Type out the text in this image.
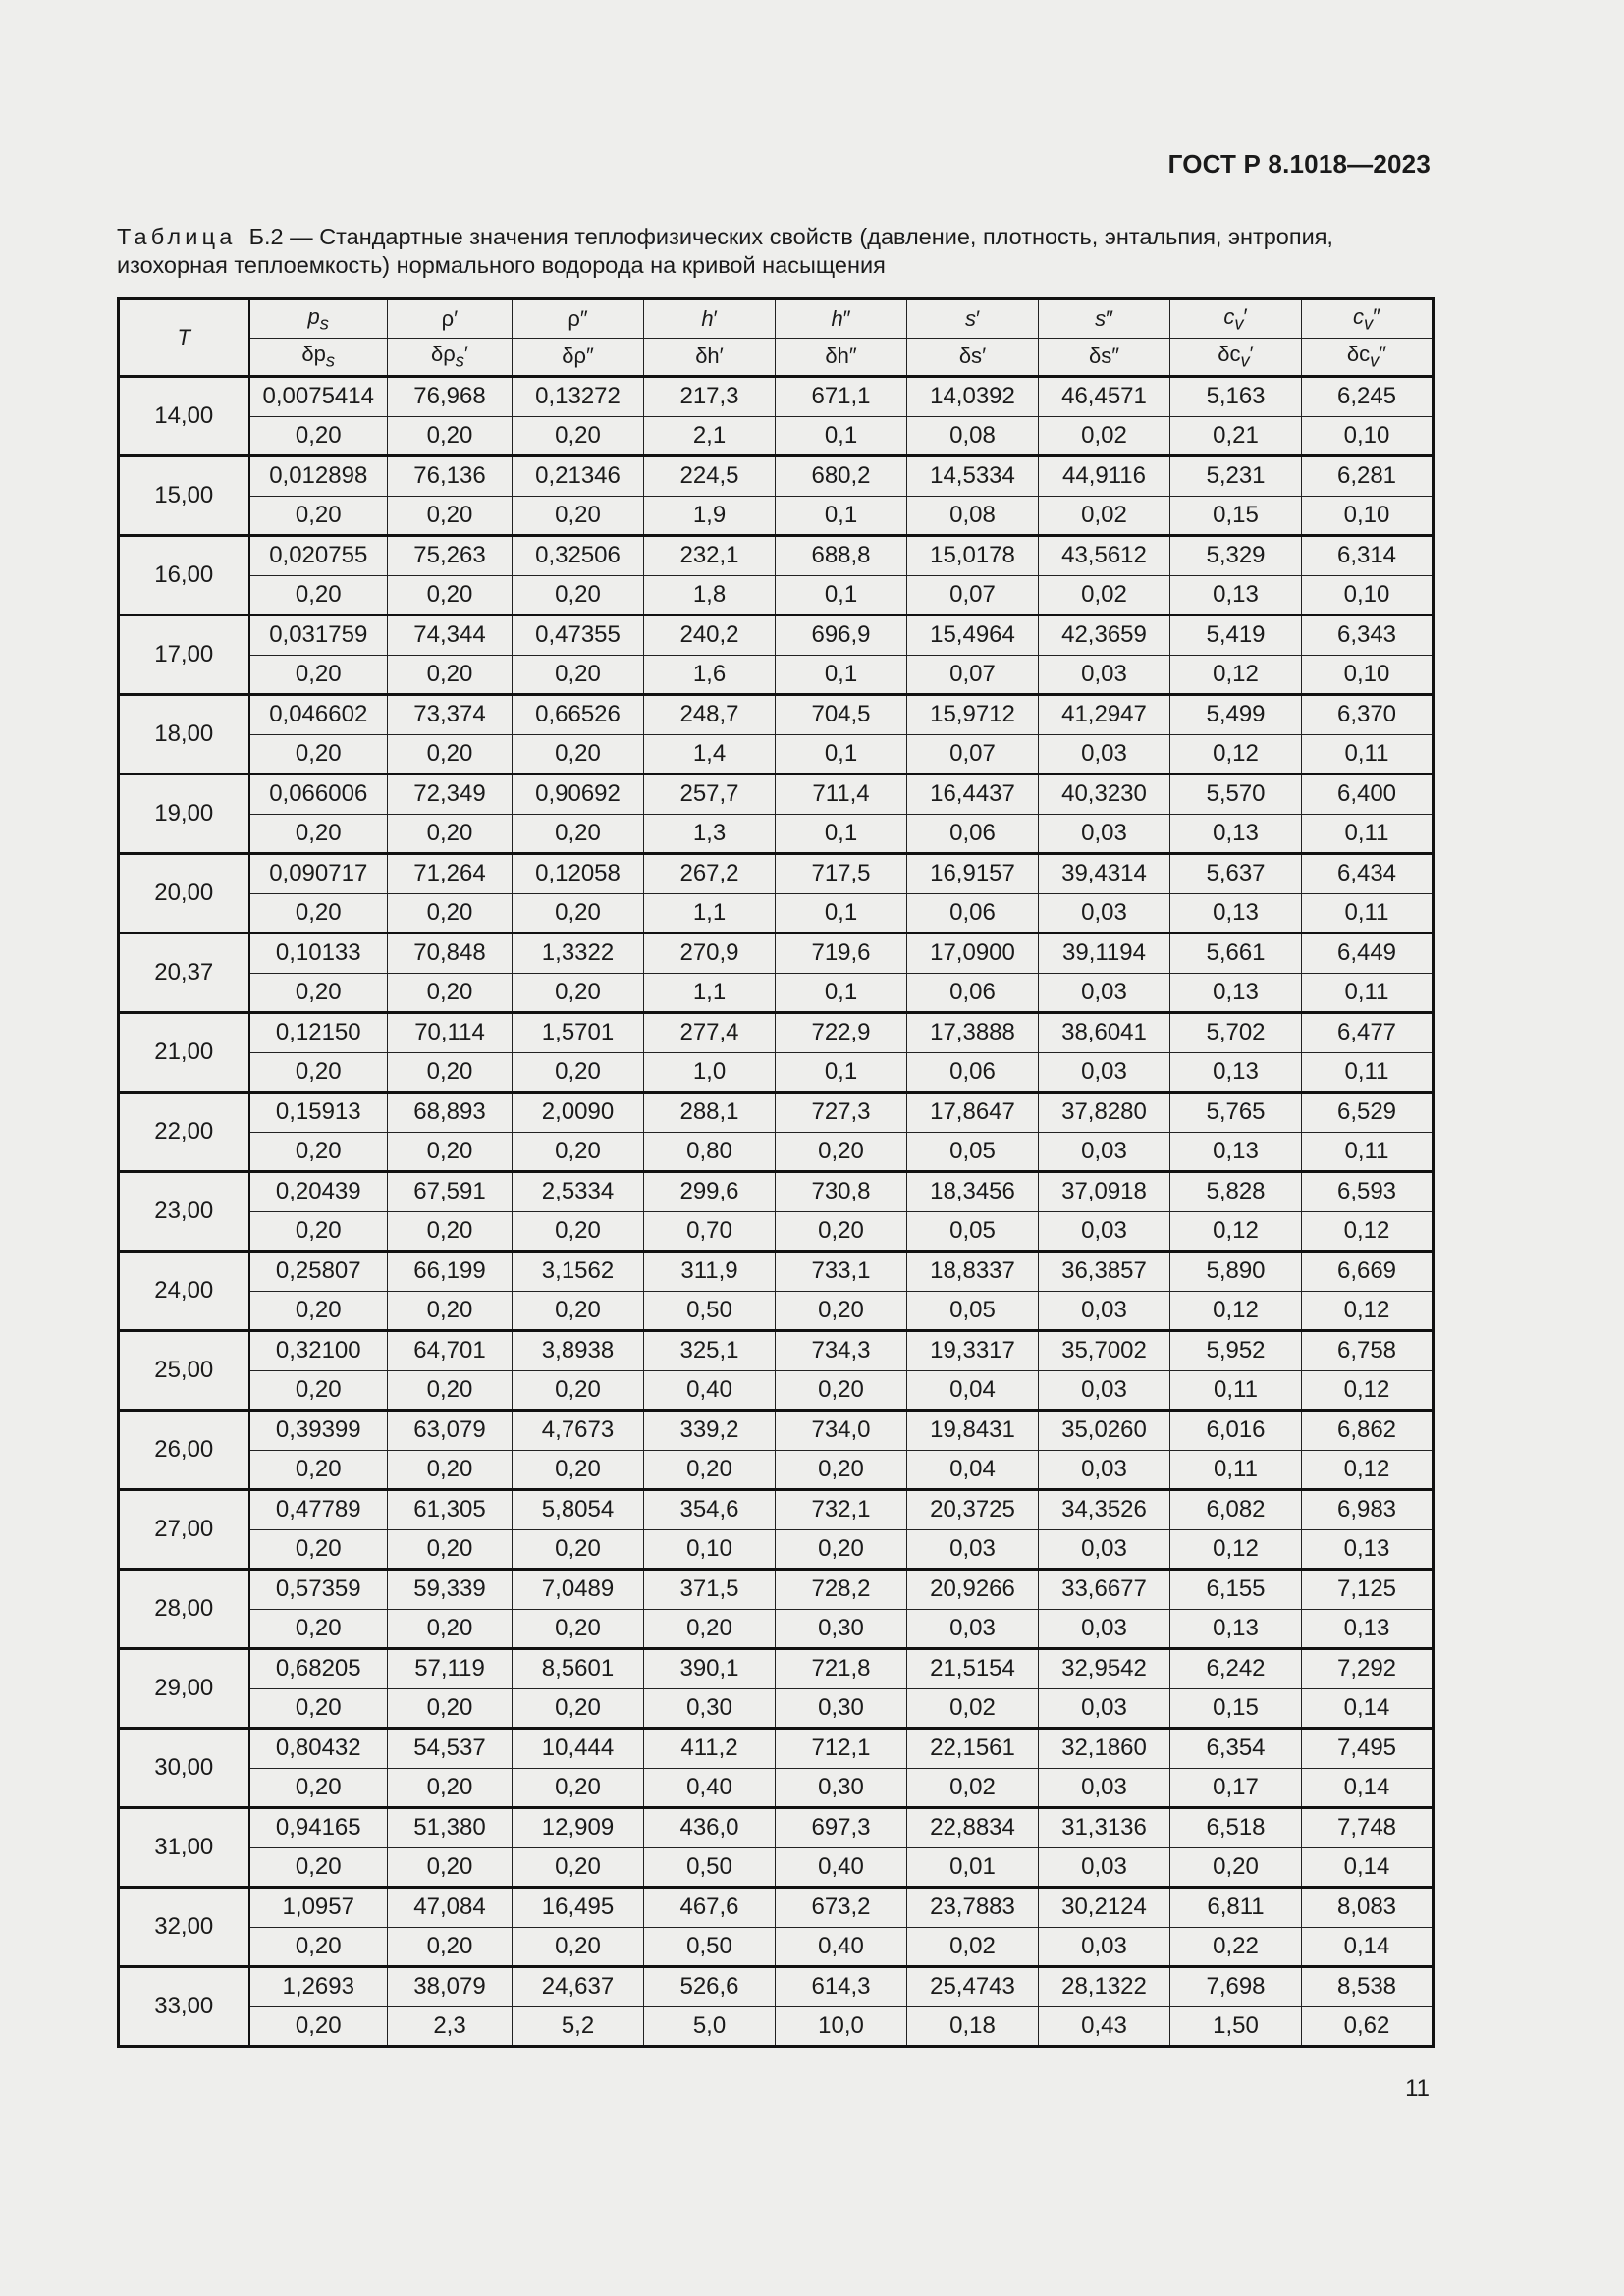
ГОСТ Р 8.1018—2023
Таблица Б.2 — Стандартные значения теплофизических свойств (давление, плотность, энтальпия, энтропия, изохорная теплоемкость) нормального водорода на кривой насыщения
T	$p_s$	ρ′	ρ″	h′	h″	s′	s″	$c_v'$	$c_v''$
	$\delta p_s$	$\delta\rho_s'$	δρ″	δh′	δh″	δs′	δs″	$\delta c_v'$	$\delta c_v''$
14,00	0,0075414	76,968	0,13272	217,3	671,1	14,0392	46,4571	5,163	6,245
	0,20	0,20	0,20	2,1	0,1	0,08	0,02	0,21	0,10
15,00	0,012898	76,136	0,21346	224,5	680,2	14,5334	44,9116	5,231	6,281
	0,20	0,20	0,20	1,9	0,1	0,08	0,02	0,15	0,10
16,00	0,020755	75,263	0,32506	232,1	688,8	15,0178	43,5612	5,329	6,314
	0,20	0,20	0,20	1,8	0,1	0,07	0,02	0,13	0,10
17,00	0,031759	74,344	0,47355	240,2	696,9	15,4964	42,3659	5,419	6,343
	0,20	0,20	0,20	1,6	0,1	0,07	0,03	0,12	0,10
18,00	0,046602	73,374	0,66526	248,7	704,5	15,9712	41,2947	5,499	6,370
	0,20	0,20	0,20	1,4	0,1	0,07	0,03	0,12	0,11
19,00	0,066006	72,349	0,90692	257,7	711,4	16,4437	40,3230	5,570	6,400
	0,20	0,20	0,20	1,3	0,1	0,06	0,03	0,13	0,11
20,00	0,090717	71,264	0,12058	267,2	717,5	16,9157	39,4314	5,637	6,434
	0,20	0,20	0,20	1,1	0,1	0,06	0,03	0,13	0,11
20,37	0,10133	70,848	1,3322	270,9	719,6	17,0900	39,1194	5,661	6,449
	0,20	0,20	0,20	1,1	0,1	0,06	0,03	0,13	0,11
21,00	0,12150	70,114	1,5701	277,4	722,9	17,3888	38,6041	5,702	6,477
	0,20	0,20	0,20	1,0	0,1	0,06	0,03	0,13	0,11
22,00	0,15913	68,893	2,0090	288,1	727,3	17,8647	37,8280	5,765	6,529
	0,20	0,20	0,20	0,80	0,20	0,05	0,03	0,13	0,11
23,00	0,20439	67,591	2,5334	299,6	730,8	18,3456	37,0918	5,828	6,593
	0,20	0,20	0,20	0,70	0,20	0,05	0,03	0,12	0,12
24,00	0,25807	66,199	3,1562	311,9	733,1	18,8337	36,3857	5,890	6,669
	0,20	0,20	0,20	0,50	0,20	0,05	0,03	0,12	0,12
25,00	0,32100	64,701	3,8938	325,1	734,3	19,3317	35,7002	5,952	6,758
	0,20	0,20	0,20	0,40	0,20	0,04	0,03	0,11	0,12
26,00	0,39399	63,079	4,7673	339,2	734,0	19,8431	35,0260	6,016	6,862
	0,20	0,20	0,20	0,20	0,20	0,04	0,03	0,11	0,12
27,00	0,47789	61,305	5,8054	354,6	732,1	20,3725	34,3526	6,082	6,983
	0,20	0,20	0,20	0,10	0,20	0,03	0,03	0,12	0,13
28,00	0,57359	59,339	7,0489	371,5	728,2	20,9266	33,6677	6,155	7,125
	0,20	0,20	0,20	0,20	0,30	0,03	0,03	0,13	0,13
29,00	0,68205	57,119	8,5601	390,1	721,8	21,5154	32,9542	6,242	7,292
	0,20	0,20	0,20	0,30	0,30	0,02	0,03	0,15	0,14
30,00	0,80432	54,537	10,444	411,2	712,1	22,1561	32,1860	6,354	7,495
	0,20	0,20	0,20	0,40	0,30	0,02	0,03	0,17	0,14
31,00	0,94165	51,380	12,909	436,0	697,3	22,8834	31,3136	6,518	7,748
	0,20	0,20	0,20	0,50	0,40	0,01	0,03	0,20	0,14
32,00	1,0957	47,084	16,495	467,6	673,2	23,7883	30,2124	6,811	8,083
	0,20	0,20	0,20	0,50	0,40	0,02	0,03	0,22	0,14
33,00	1,2693	38,079	24,637	526,6	614,3	25,4743	28,1322	7,698	8,538
	0,20	2,3	5,2	5,0	10,0	0,18	0,43	1,50	0,62
11
